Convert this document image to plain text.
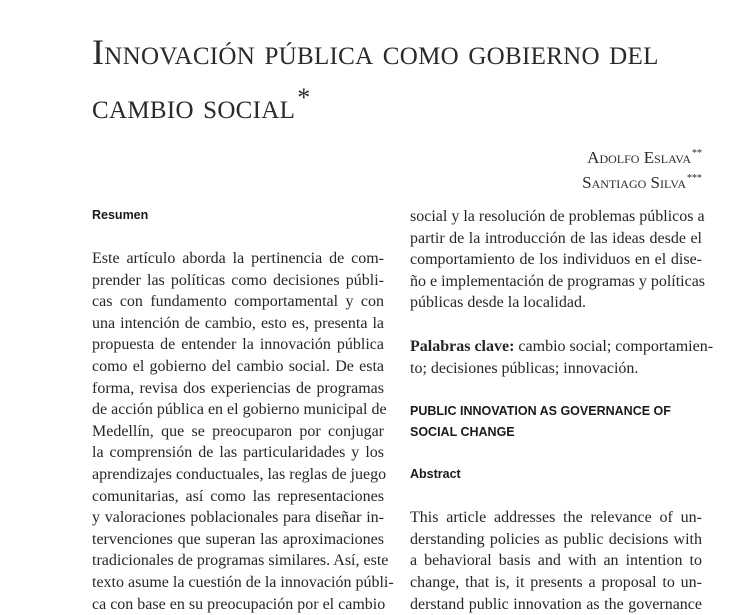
Innovación pública como gobierno del cambio social*
Adolfo Eslava**
Santiago Silva***
Resumen
Este artículo aborda la pertinencia de com-
prender las políticas como decisiones públi-
cas con fundamento comportamental y con
una intención de cambio, esto es, presenta la
propuesta de entender la innovación pública
como el gobierno del cambio social. De esta
forma, revisa dos experiencias de programas
de acción pública en el gobierno municipal de
Medellín, que se preocuparon por conjugar
la comprensión de las particularidades y los
aprendizajes conductuales, las reglas de juego
comunitarias, así como las representaciones
y valoraciones poblacionales para diseñar in-
tervenciones que superan las aproximaciones
tradicionales de programas similares. Así, este
texto asume la cuestión de la innovación públi-
ca con base en su preocupación por el cambio
social y la resolución de problemas públicos a
partir de la introducción de las ideas desde el
comportamiento de los individuos en el dise-
ño e implementación de programas y políticas
públicas desde la localidad.
Palabras clave: cambio social; comportamien-
to; decisiones públicas; innovación.
PUBLIC INNOVATION AS GOVERNANCE OF
SOCIAL CHANGE
Abstract
This article addresses the relevance of un-
derstanding policies as public decisions with
a behavioral basis and with an intention to
change, that is, it presents a proposal to un-
derstand public innovation as the governance
